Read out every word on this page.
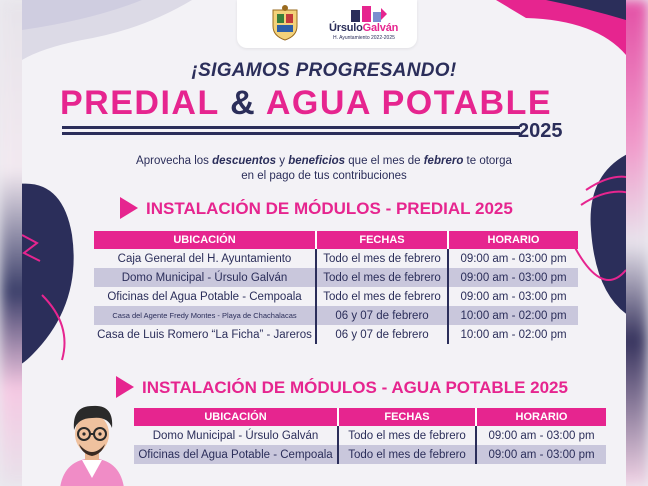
ÚrsuloGalván
H. Ayuntamiento 2022-2025
¡SIGAMOS PROGRESANDO!
PREDIAL & AGUA POTABLE
2025
Aprovecha los descuentos y beneficios que el mes de febrero te otorga
en el pago de tus contribuciones
INSTALACIÓN DE MÓDULOS - PREDIAL 2025
UBICACIÓN	FECHAS	HORARIO
Caja General del H. Ayuntamiento	Todo el mes de febrero	09:00 am - 03:00 pm
Domo Municipal - Úrsulo Galván	Todo el mes de febrero	09:00 am - 03:00 pm
Oficinas del Agua Potable - Cempoala	Todo el mes de febrero	09:00 am - 03:00 pm
Casa del Agente Fredy Montes - Playa de Chachalacas	06 y 07 de febrero	10:00 am - 02:00 pm
Casa de Luis Romero “La Ficha” - Jareros	06 y 07 de febrero	10:00 am - 02:00 pm
INSTALACIÓN DE MÓDULOS - AGUA POTABLE 2025
UBICACIÓN	FECHAS	HORARIO
Domo Municipal - Úrsulo Galván	Todo el mes de febrero	09:00 am - 03:00 pm
Oficinas del Agua Potable - Cempoala	Todo el mes de febrero	09:00 am - 03:00 pm
